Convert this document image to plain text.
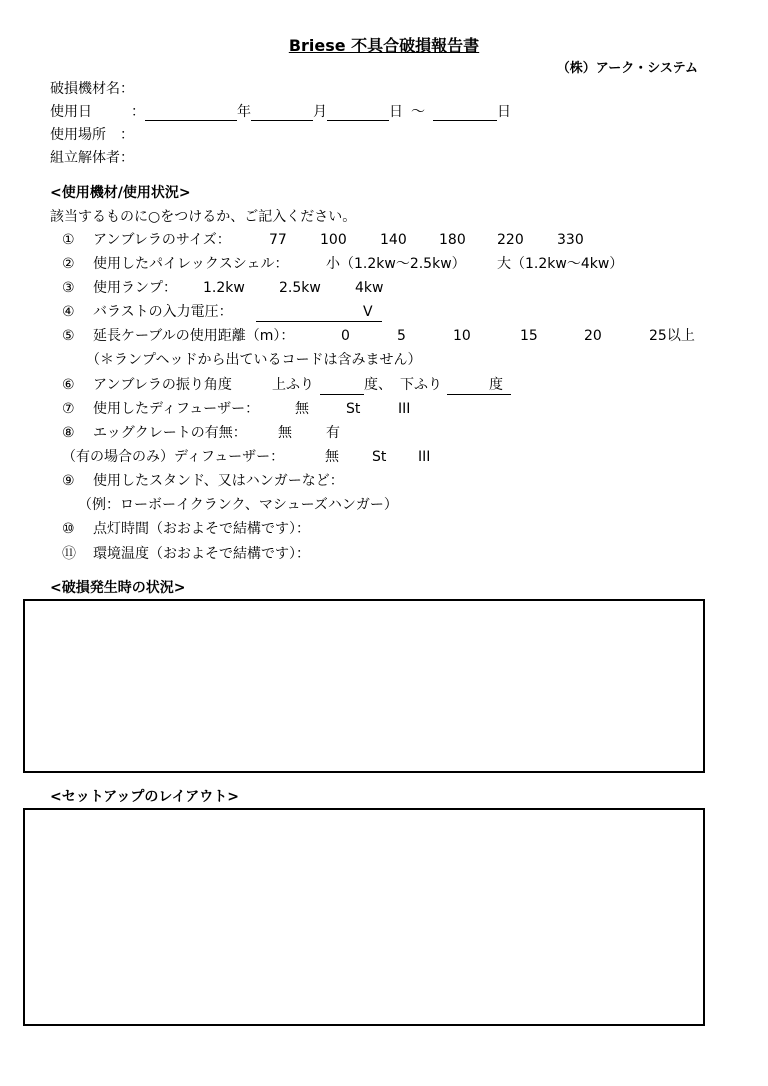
Briese 不具合破損報告書
（株）アーク・システム
破損機材名：
使用日	：	年	月	日 ～	日
使用場所　：
組立解体者：
<使用機材/使用状況>
該当するものに○をつけるか、ご記入ください。
① アンブレラのサイズ：	77 100 140 180 220 330
② 使用したパイレックスシェル：	小（1.2kw～2.5kw） 大（1.2kw～4kw）
③ 使用ランプ： 1.2kw 2.5kw 4kw
④ バラストの入力電圧：	V
⑤ 延長ケーブルの使用距離（m）：	0	5	10	15	20	25以上
（＊ランプヘッドから出ているコードは含みません）
⑥ アンブレラの振り角度	上ふり	度、 下ふり	度
⑦ 使用したディフューザー：	無	St	III
⑧ エッグクレートの有無： 無 有
（有の場合のみ）ディフューザー：	無 St III
⑨ 使用したスタンド、又はハンガーなど：
（例：ローボーイクランク、マシューズハンガー）
⑩ 点灯時間（おおよそで結構です）：
⑪ 環境温度（おおよそで結構です）：
<破損発生時の状況>
<セットアップのレイアウト>
